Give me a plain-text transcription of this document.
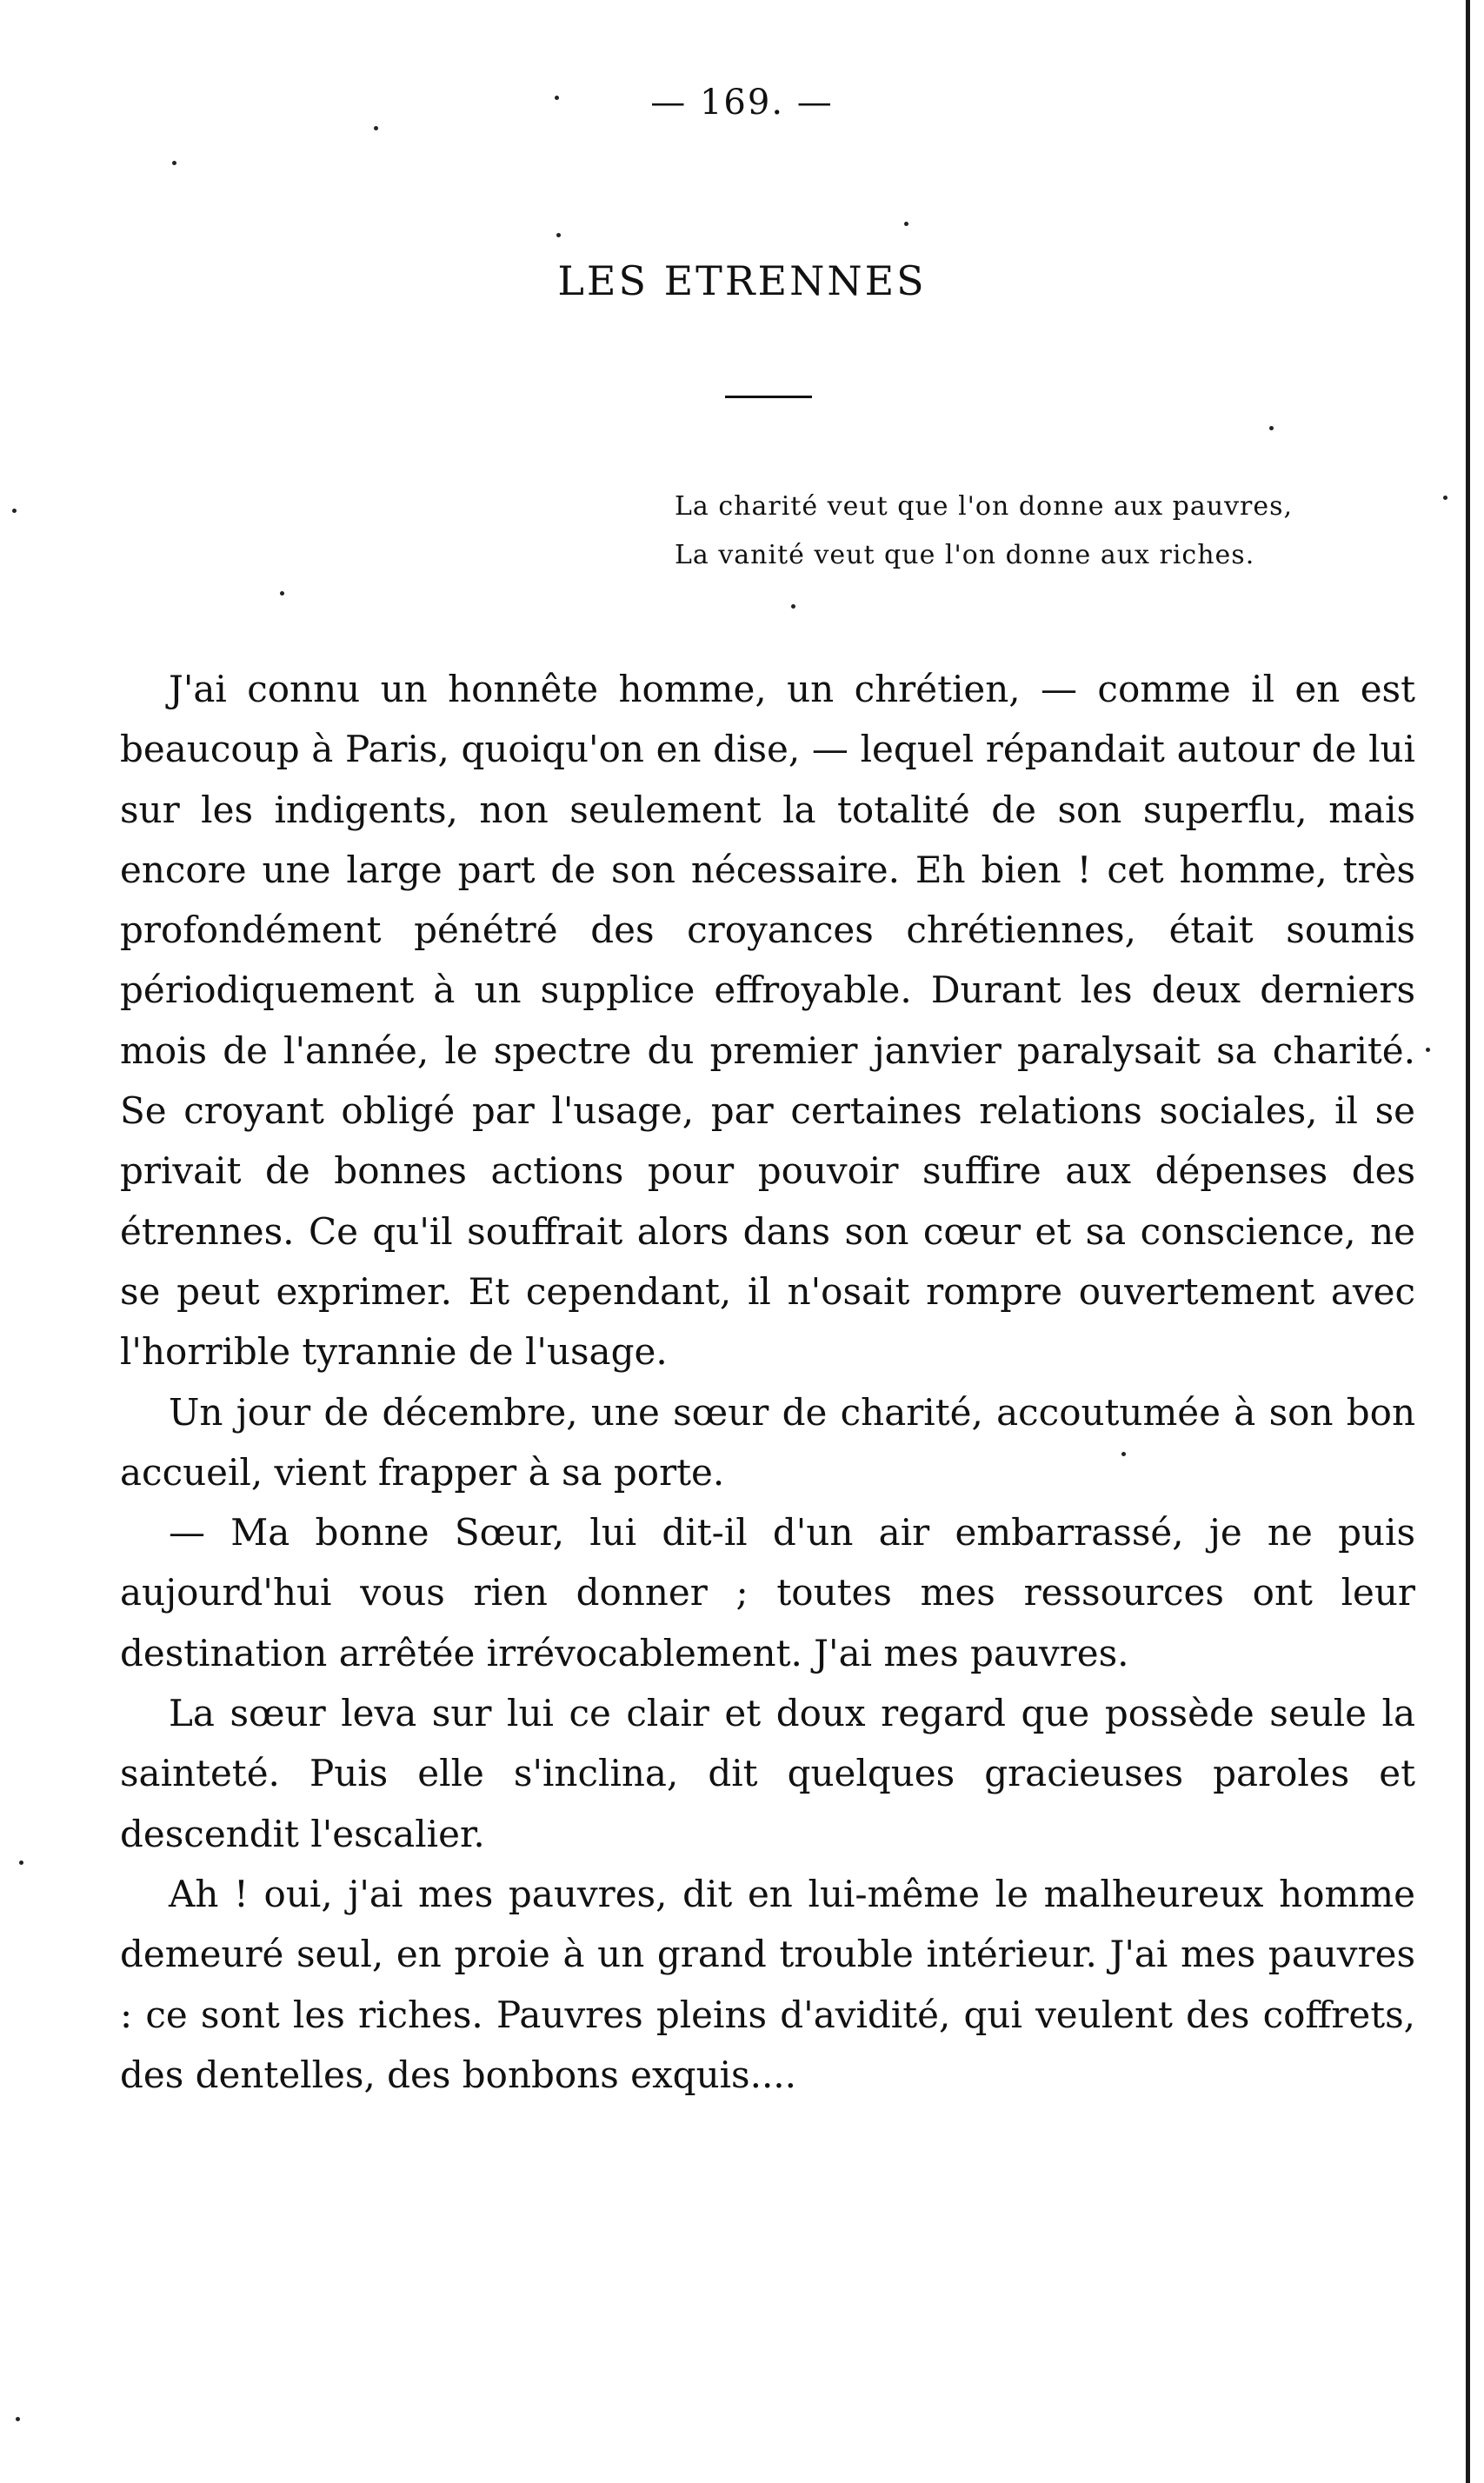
— 169. —
LES ETRENNES
La charité veut que l'on donne aux pauvres,
La vanité veut que l'on donne aux riches.

J'ai connu un honnête homme, un chrétien, — comme il en est beaucoup à Paris, quoiqu'on en dise, — lequel répandait autour de lui sur les indigents, non seulement la totalité de son superflu, mais encore une large part de son nécessaire. Eh bien ! cet homme, très profondément pénétré des croyances chrétiennes, était soumis périodiquement à un supplice effroyable. Durant les deux derniers mois de l'année, le spectre du premier janvier paralysait sa charité. Se croyant obligé par l'usage, par certaines relations sociales, il se privait de bonnes actions pour pouvoir suffire aux dépenses des étrennes. Ce qu'il souffrait alors dans son cœur et sa conscience, ne se peut exprimer. Et cependant, il n'osait rompre ouvertement avec l'horrible tyrannie de l'usage.

Un jour de décembre, une sœur de charité, accoutumée à son bon accueil, vient frapper à sa porte.

— Ma bonne Sœur, lui dit-il d'un air embarrassé, je ne puis aujourd'hui vous rien donner ; toutes mes ressources ont leur destination arrêtée irrévocablement. J'ai mes pauvres.

La sœur leva sur lui ce clair et doux regard que possède seule la sainteté. Puis elle s'inclina, dit quelques gracieuses paroles et descendit l'escalier.

Ah ! oui, j'ai mes pauvres, dit en lui-même le malheureux homme demeuré seul, en proie à un grand trouble intérieur. J'ai mes pauvres : ce sont les riches. Pauvres pleins d'avidité, qui veulent des coffrets, des dentelles, des bonbons exquis....
